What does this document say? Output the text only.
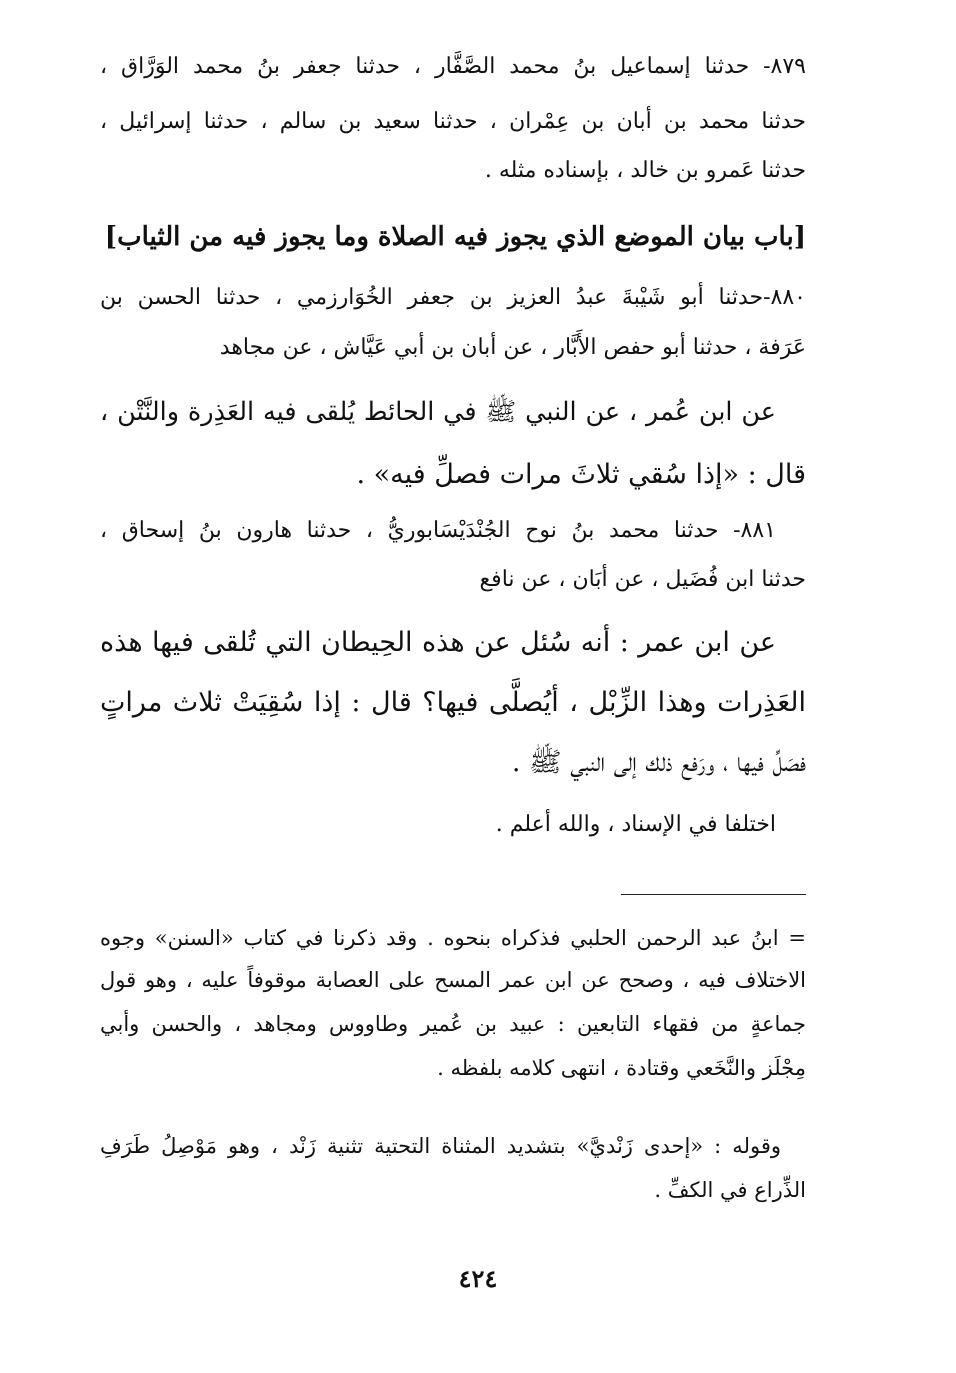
٨٧٩- حدثنا إسماعيل بنُ محمد الصَّفَّار ، حدثنا جعفر بنُ محمد الوَرَّاق ،
حدثنا محمد بن أبان بن عِمْران ، حدثنا سعيد بن سالم ، حدثنا إسرائيل ،
حدثنا عَمرو بن خالد ، بإسناده مثله .
[باب بيان الموضع الذي يجوز فيه الصلاة وما يجوز فيه من الثياب]
٨٨٠-حدثنا أبو شَيْبةَ عبدُ العزيز بن جعفر الخُوَارزمي ، حدثنا الحسن بن
عَرَفة ، حدثنا أبو حفص الأَبَّار ، عن أبان بن أبي عَيَّاش ، عن مجاهد
عن ابن عُمر ، عن النبي ﷺ في الحائط يُلقى فيه العَذِرة والنَّتْن ،
قال : «إذا سُقي ثلاثَ مرات فصلِّ فيه» .
٨٨١- حدثنا محمد بنُ نوح الجُنْدَيْسَابوريُّ ، حدثنا هارون بنُ إسحاق ،
حدثنا ابن فُضَيل ، عن أبَان ، عن نافع
عن ابن عمر : أنه سُئل عن هذه الحِيطان التي تُلقى فيها هذه
العَذِرات وهذا الزِّبْل ، أيُصلَّى فيها؟ قال : إذا سُقِيَتْ ثلاث مراتٍ
فصَلِّ فيها ، ورَفع ذلك إلى النبي ﷺ .
اختلفا في الإسناد ، والله أعلم .
= ابنُ عبد الرحمن الحلبي فذكراه بنحوه . وقد ذكرنا في كتاب «السنن» وجوه
الاختلاف فيه ، وصحح عن ابن عمر المسح على العصابة موقوفاً عليه ، وهو قول
جماعةٍ من فقهاء التابعين : عبيد بن عُمير وطاووس ومجاهد ، والحسن وأبي
مِجْلَز والنَّخَعي وقتادة ، انتهى كلامه بلفظه .
وقوله : «إحدى زَنْديَّ» بتشديد المثناة التحتية تثنية زَنْد ، وهو مَوْصِلُ طَرَفِ
الذِّراع في الكفِّ .
٤٢٤
